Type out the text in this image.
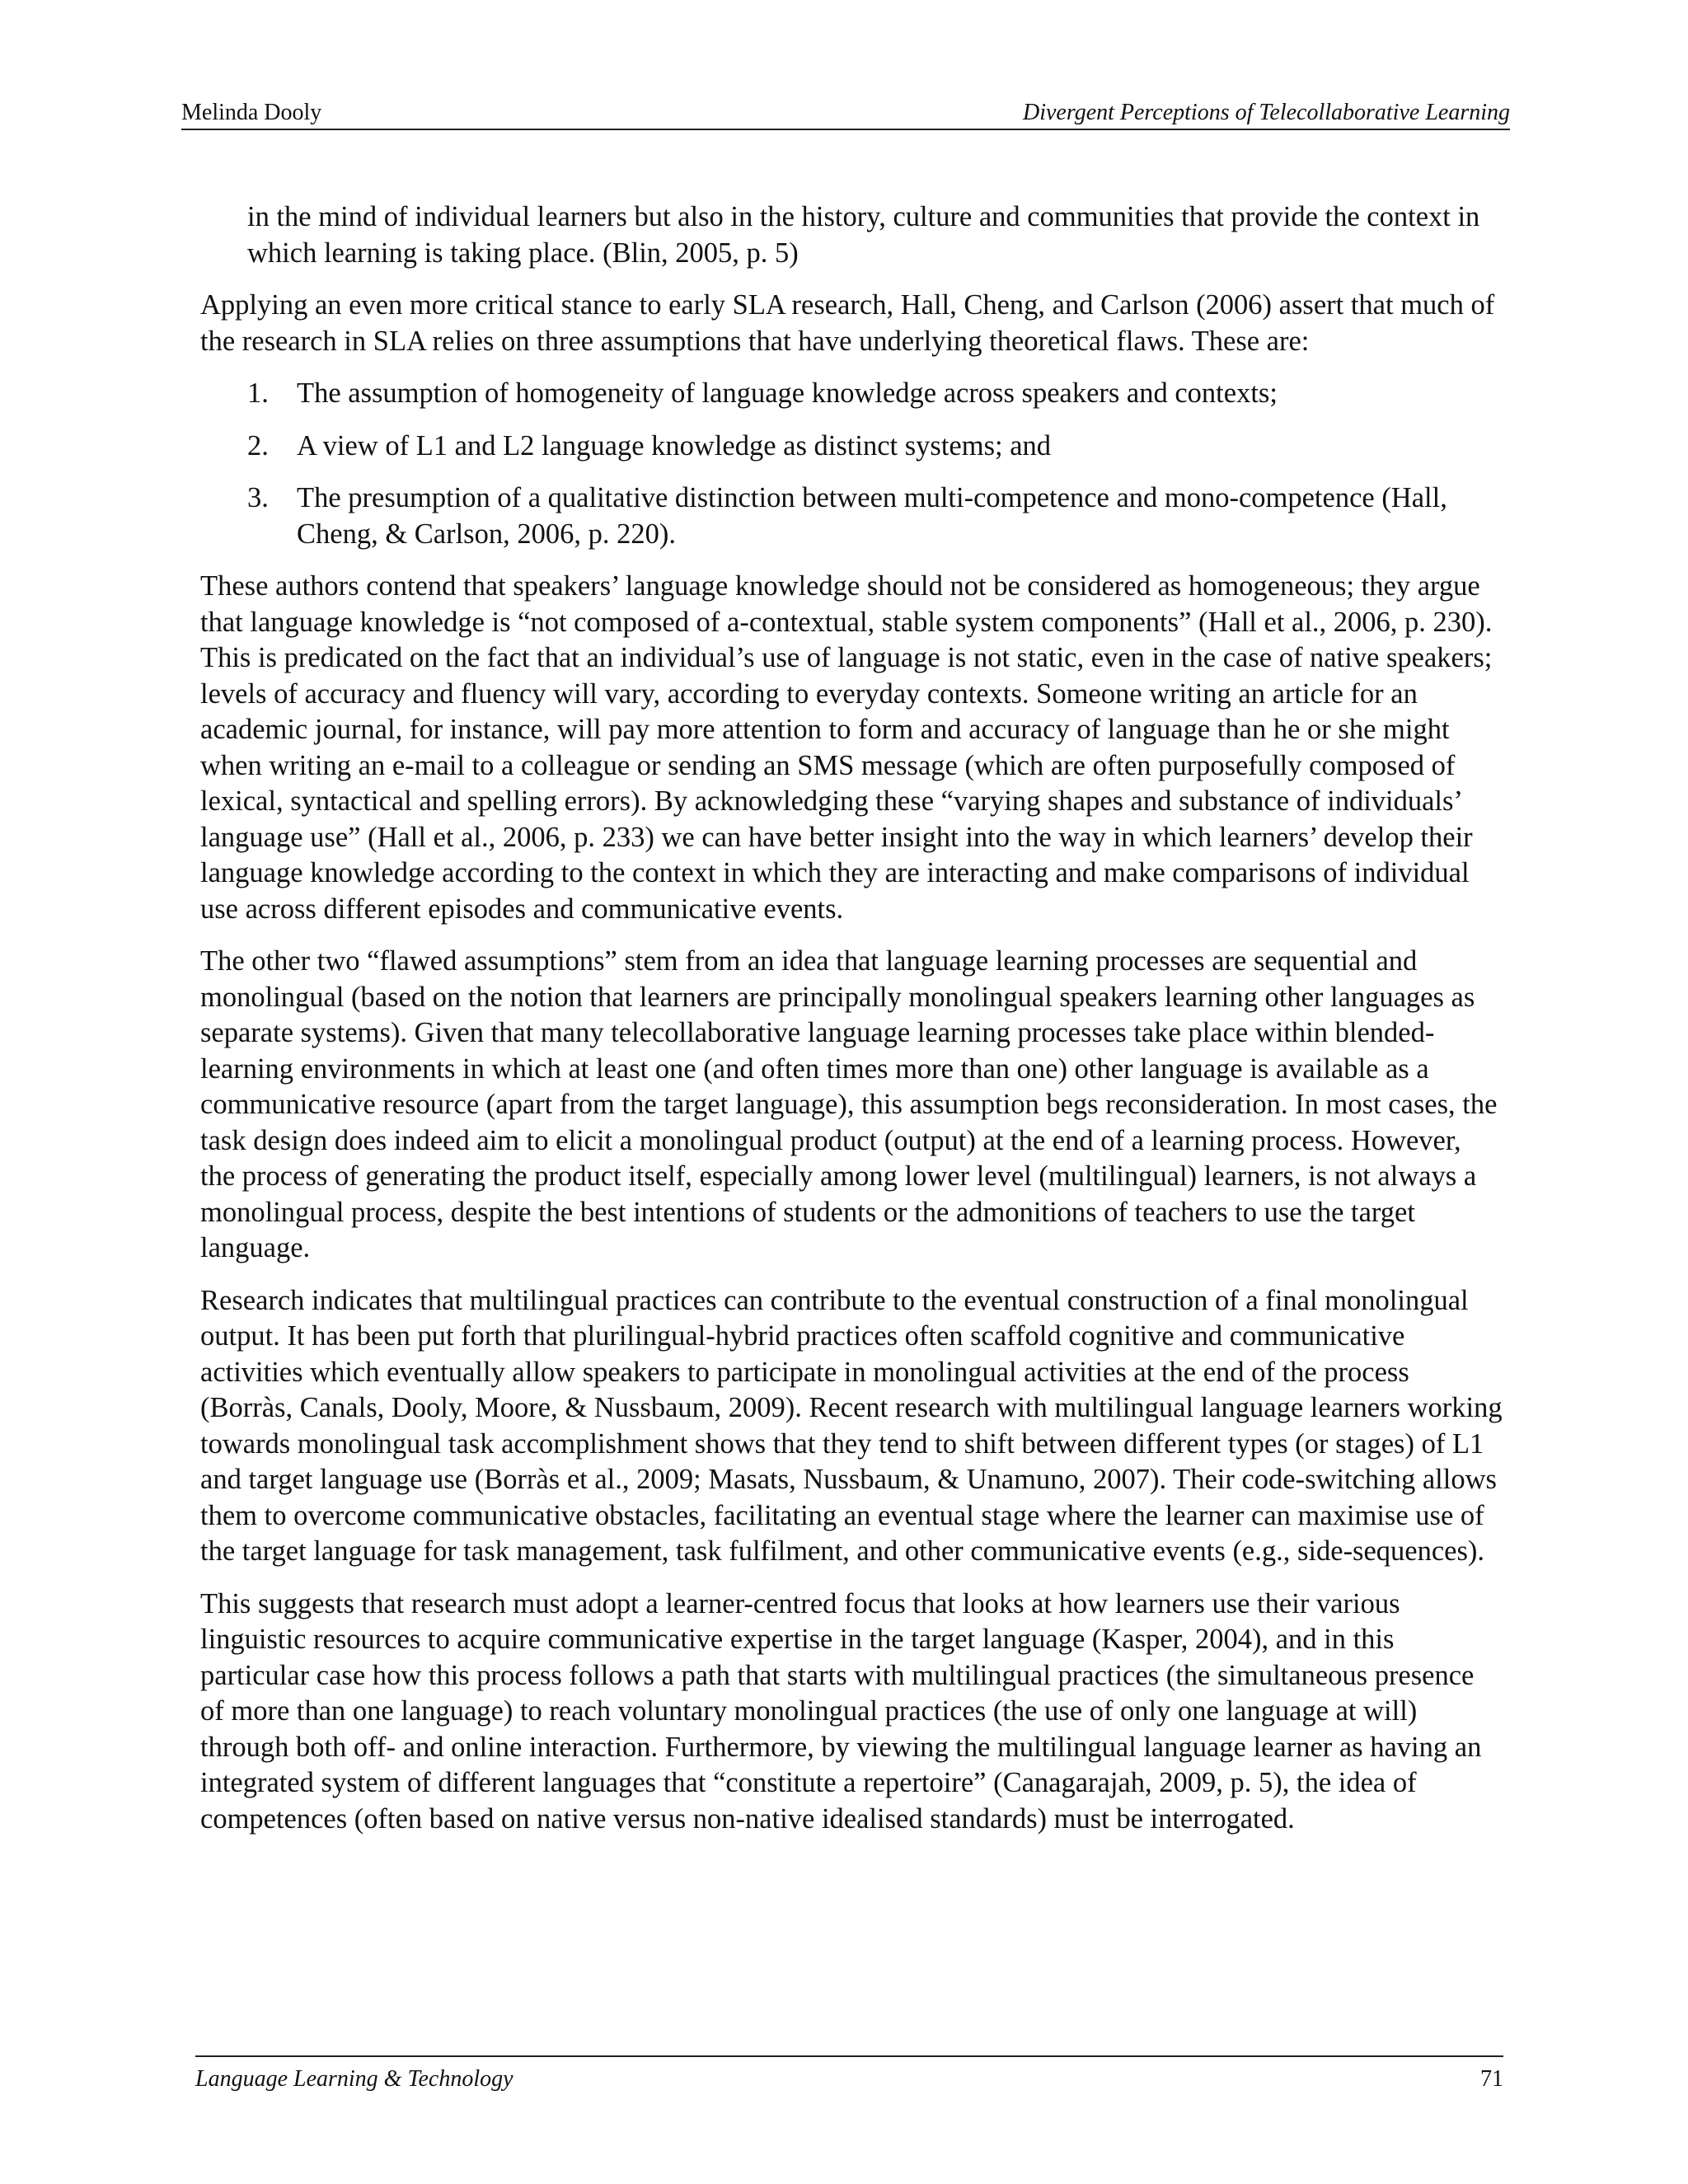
Melinda Dooly	Divergent Perceptions of Telecollaborative Learning

in the mind of individual learners but also in the history, culture and communities that provide the context in which learning is taking place. (Blin, 2005, p. 5)

Applying an even more critical stance to early SLA research, Hall, Cheng, and Carlson (2006) assert that much of the research in SLA relies on three assumptions that have underlying theoretical flaws. These are:

1. The assumption of homogeneity of language knowledge across speakers and contexts;
2. A view of L1 and L2 language knowledge as distinct systems; and
3. The presumption of a qualitative distinction between multi-competence and mono-competence (Hall, Cheng, & Carlson, 2006, p. 220).

These authors contend that speakers’ language knowledge should not be considered as homogeneous; they argue that language knowledge is “not composed of a-contextual, stable system components” (Hall et al., 2006, p. 230). This is predicated on the fact that an individual’s use of language is not static, even in the case of native speakers; levels of accuracy and fluency will vary, according to everyday contexts. Someone writing an article for an academic journal, for instance, will pay more attention to form and accuracy of language than he or she might when writing an e-mail to a colleague or sending an SMS message (which are often purposefully composed of lexical, syntactical and spelling errors). By acknowledging these “varying shapes and substance of individuals’ language use” (Hall et al., 2006, p. 233) we can have better insight into the way in which learners’ develop their language knowledge according to the context in which they are interacting and make comparisons of individual use across different episodes and communicative events.

The other two “flawed assumptions” stem from an idea that language learning processes are sequential and monolingual (based on the notion that learners are principally monolingual speakers learning other languages as separate systems). Given that many telecollaborative language learning processes take place within blended-learning environments in which at least one (and often times more than one) other language is available as a communicative resource (apart from the target language), this assumption begs reconsideration. In most cases, the task design does indeed aim to elicit a monolingual product (output) at the end of a learning process. However, the process of generating the product itself, especially among lower level (multilingual) learners, is not always a monolingual process, despite the best intentions of students or the admonitions of teachers to use the target language.

Research indicates that multilingual practices can contribute to the eventual construction of a final monolingual output. It has been put forth that plurilingual-hybrid practices often scaffold cognitive and communicative activities which eventually allow speakers to participate in monolingual activities at the end of the process (Borràs, Canals, Dooly, Moore, & Nussbaum, 2009). Recent research with multilingual language learners working towards monolingual task accomplishment shows that they tend to shift between different types (or stages) of L1 and target language use (Borràs et al., 2009; Masats, Nussbaum, & Unamuno, 2007). Their code-switching allows them to overcome communicative obstacles, facilitating an eventual stage where the learner can maximise use of the target language for task management, task fulfilment, and other communicative events (e.g., side-sequences).

This suggests that research must adopt a learner-centred focus that looks at how learners use their various linguistic resources to acquire communicative expertise in the target language (Kasper, 2004), and in this particular case how this process follows a path that starts with multilingual practices (the simultaneous presence of more than one language) to reach voluntary monolingual practices (the use of only one language at will) through both off- and online interaction. Furthermore, by viewing the multilingual language learner as having an integrated system of different languages that “constitute a repertoire” (Canagarajah, 2009, p. 5), the idea of competences (often based on native versus non-native idealised standards) must be interrogated.

Language Learning & Technology	71
